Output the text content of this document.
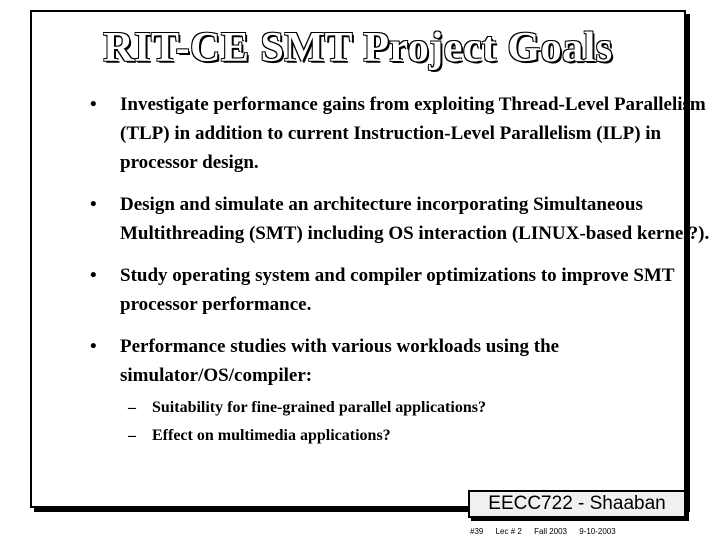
RIT-CE SMT Project Goals
• Investigate performance gains from exploiting Thread-Level Parallelism (TLP) in addition to current Instruction-Level Parallelism (ILP) in processor design.
• Design and simulate an architecture incorporating Simultaneous Multithreading (SMT) including OS interaction (LINUX-based kernel?).
• Study operating system and compiler optimizations to improve SMT processor performance.
• Performance studies with various workloads using the simulator/OS/compiler:
– Suitability for fine-grained parallel applications?
– Effect on multimedia applications?
EECC722 - Shaaban
#39 Lec # 2 Fall 2003 9-10-2003
